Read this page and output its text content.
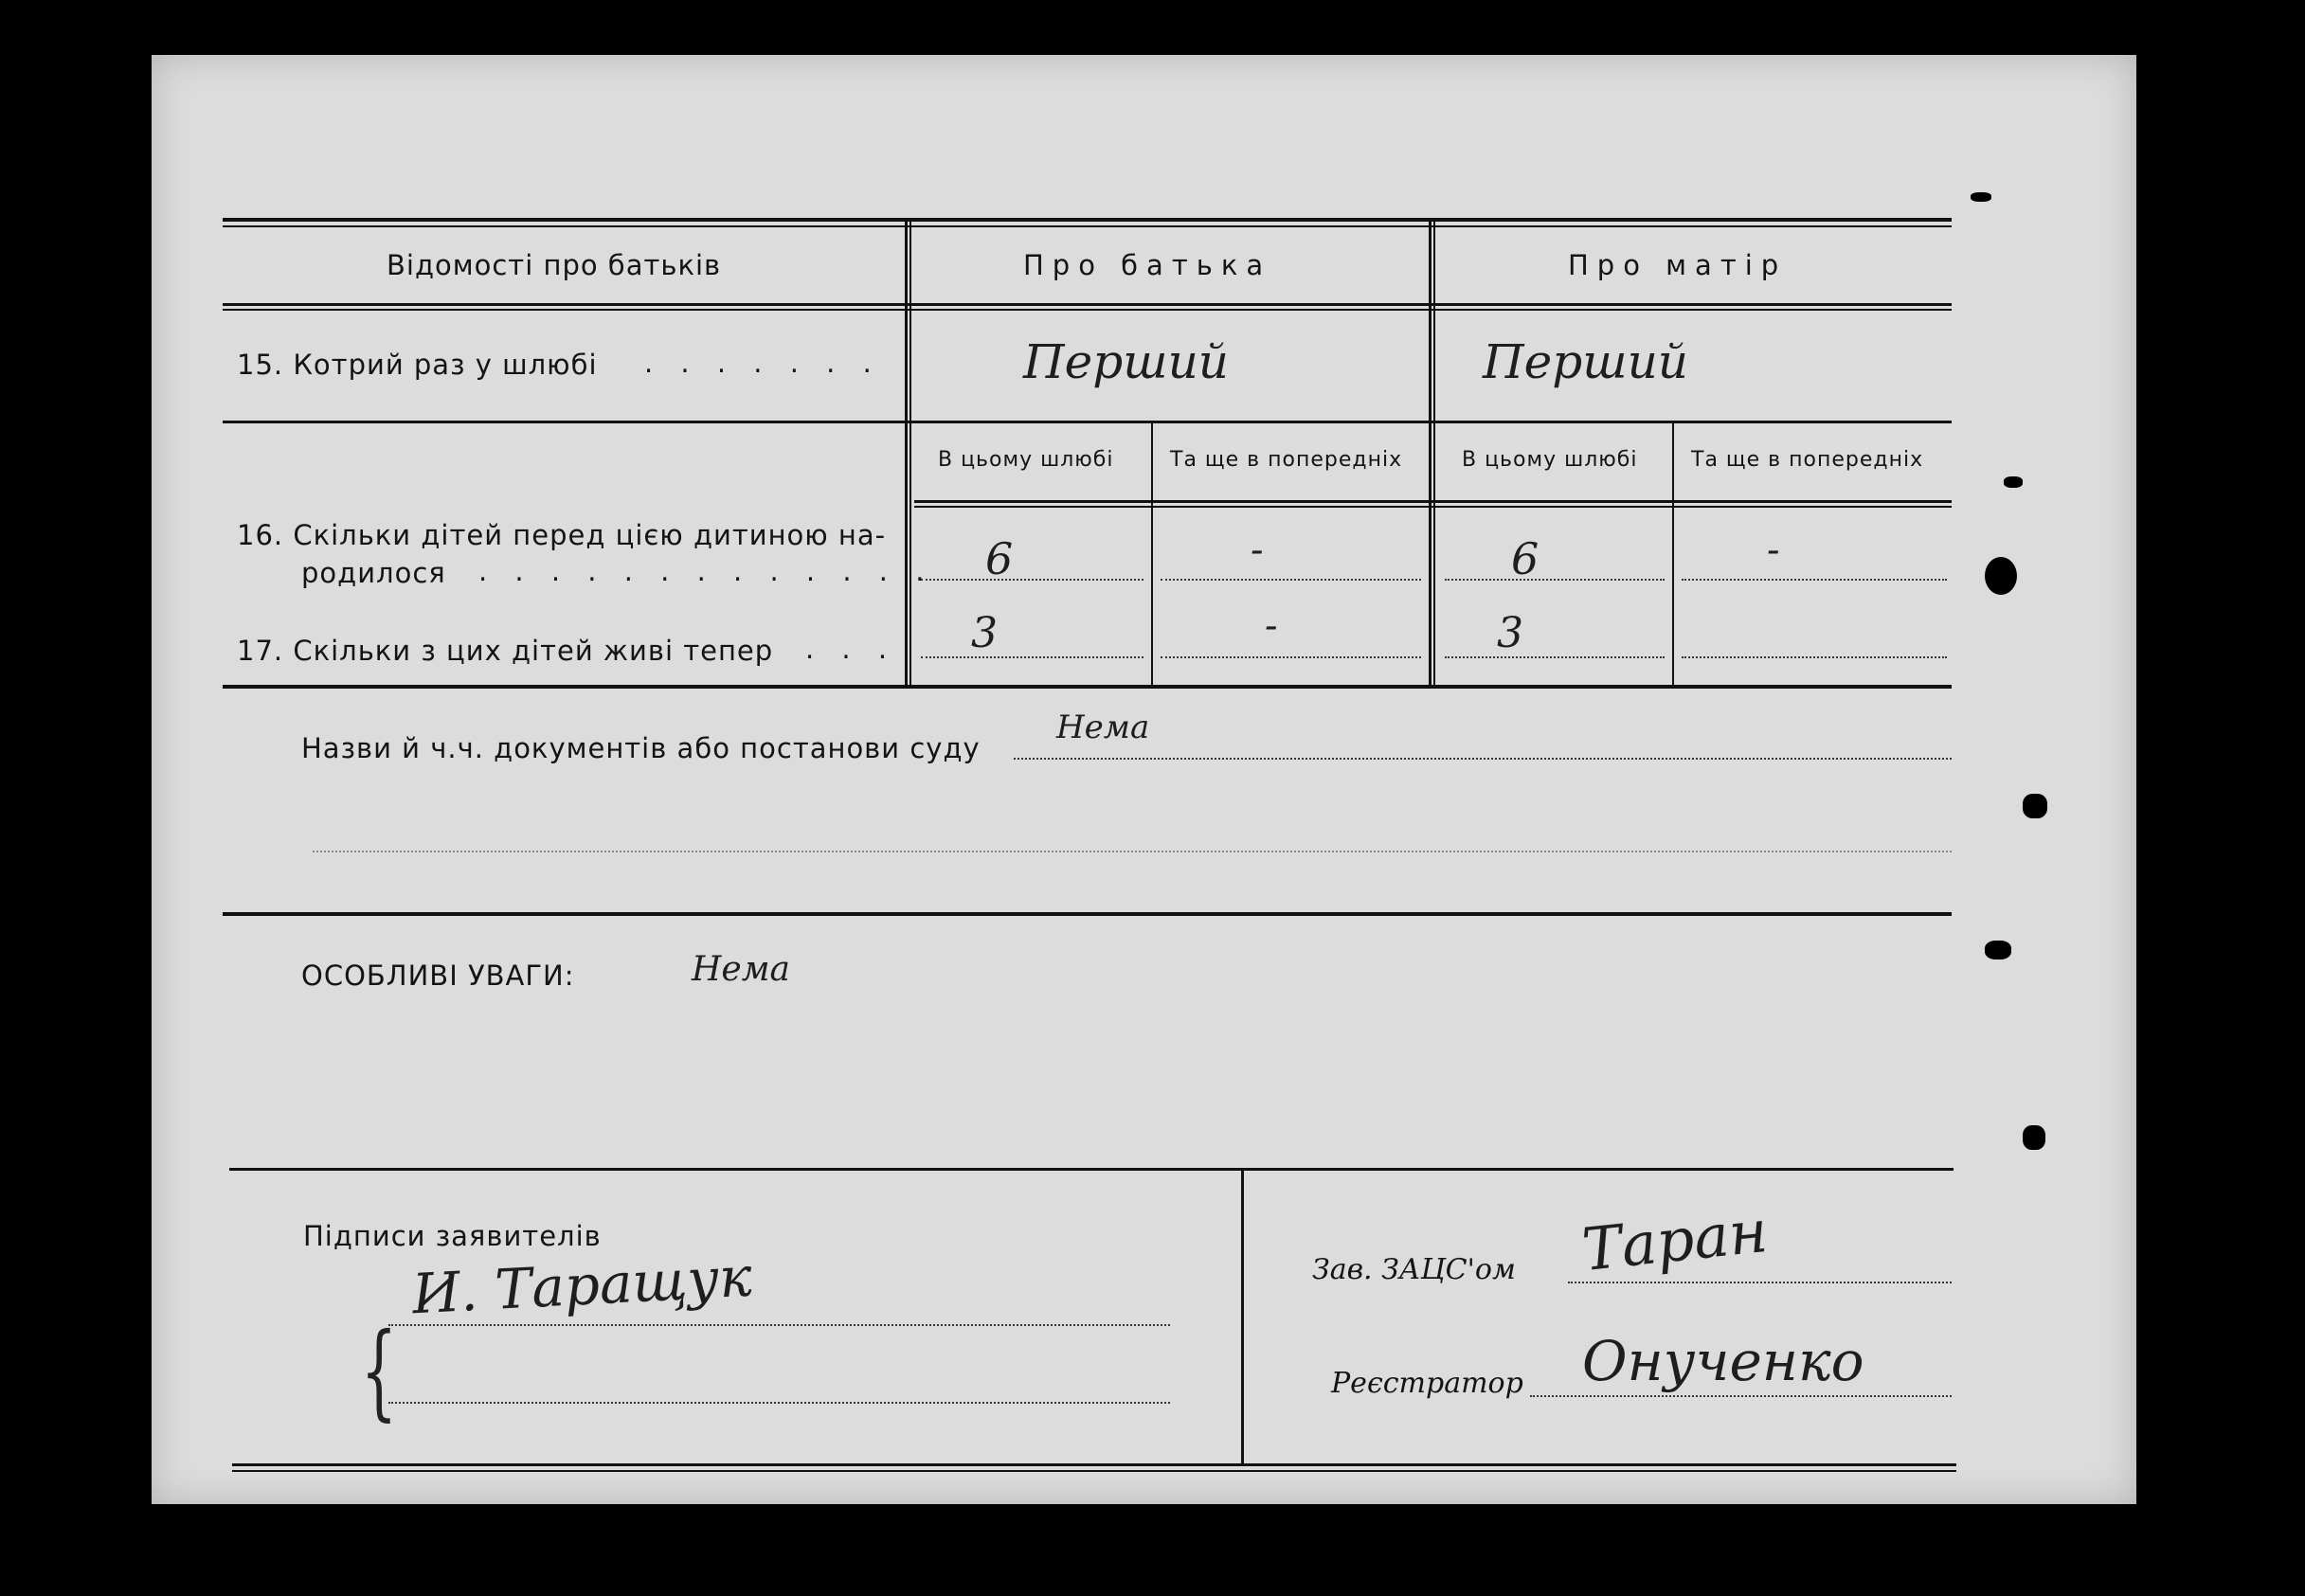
Відомості про батьків	Про батька	Про матір
15. Котрий раз у шлюбі . . . . . . .	Перший	Перший
В цьому шлюбі	Та ще в попередніх	В цьому шлюбі	Та ще в попередніх
16. Скільки дітей перед цією дитиною на-
родилося . . . . . . . . . . . . . 6	-	6	-
17. Скільки з цих дітей живі тепер . . . 3	-	3
Назви й ч.ч. документів або постанови суду
Нема
ОСОБЛИВІ УВАГИ:	Нема
Підписи заявителів
{
И. Таращук	Зав. ЗАЦС'ом Таран
Реєстратор Онученко
